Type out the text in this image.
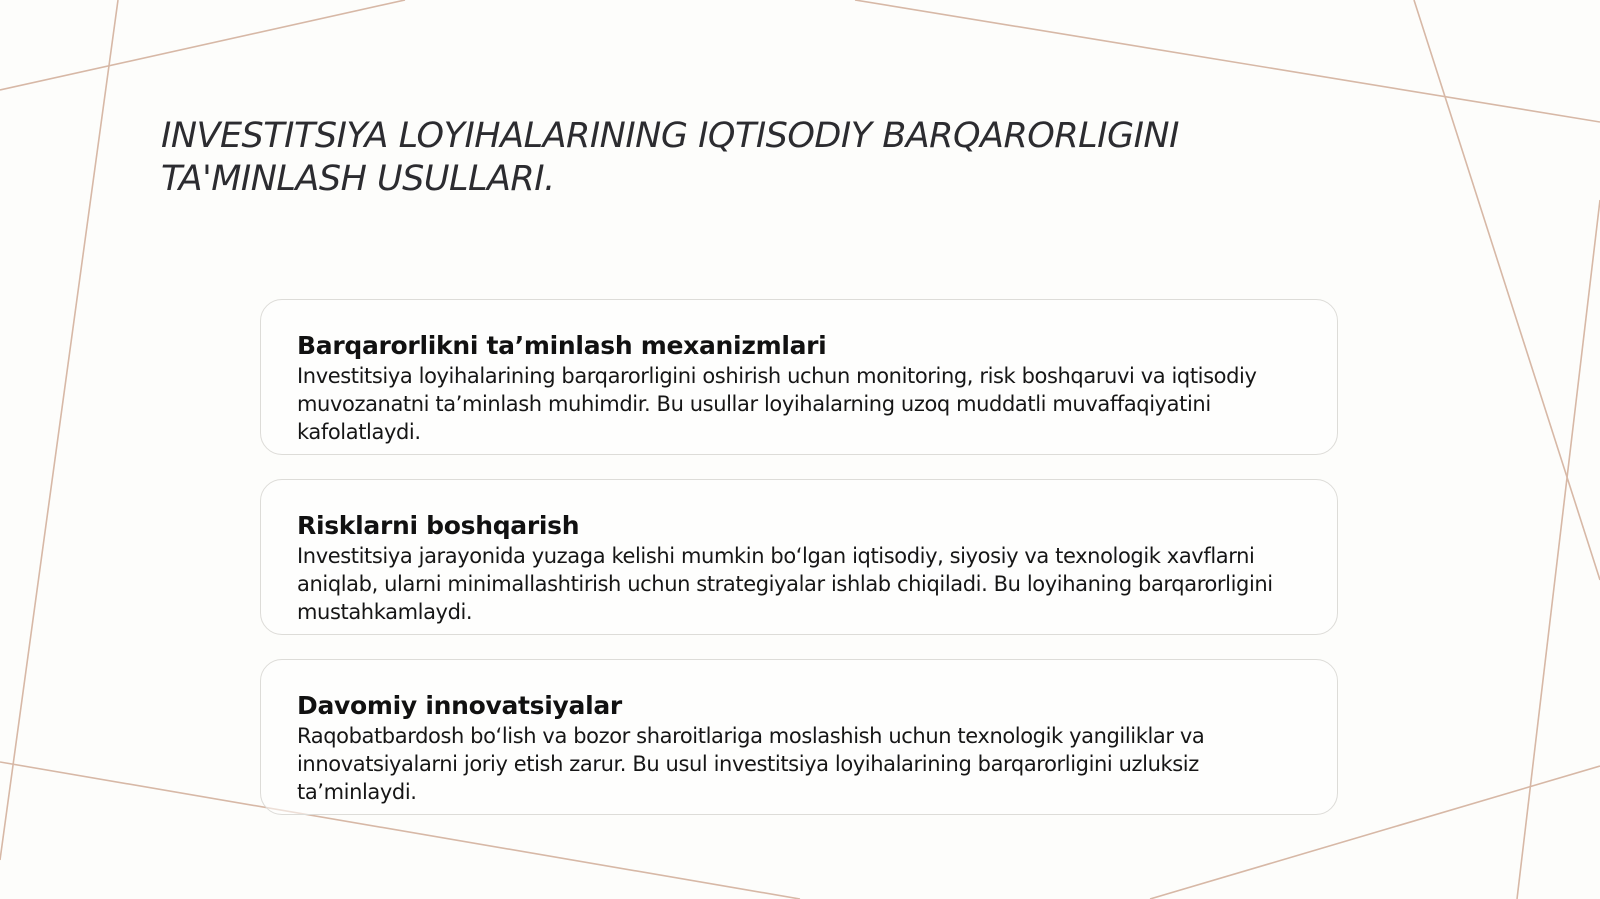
INVESTITSIYA LOYIHALARINING IQTISODIY BARQARORLIGINI TA'MINLASH USULLARI.
Barqarorlikni ta’minlash mexanizmlari

Investitsiya loyihalarining barqarorligini oshirish uchun monitoring, risk boshqaruvi va iqtisodiy muvozanatni ta’minlash muhimdir. Bu usullar loyihalarning uzoq muddatli muvaffaqiyatini kafolatlaydi.

Risklarni boshqarish

Investitsiya jarayonida yuzaga kelishi mumkin bo‘lgan iqtisodiy, siyosiy va texnologik xavflarni aniqlab, ularni minimallashtirish uchun strategiyalar ishlab chiqiladi. Bu loyihaning barqarorligini mustahkamlaydi.

Davomiy innovatsiyalar

Raqobatbardosh bo‘lish va bozor sharoitlariga moslashish uchun texnologik yangiliklar va innovatsiyalarni joriy etish zarur. Bu usul investitsiya loyihalarining barqarorligini uzluksiz ta’minlaydi.
